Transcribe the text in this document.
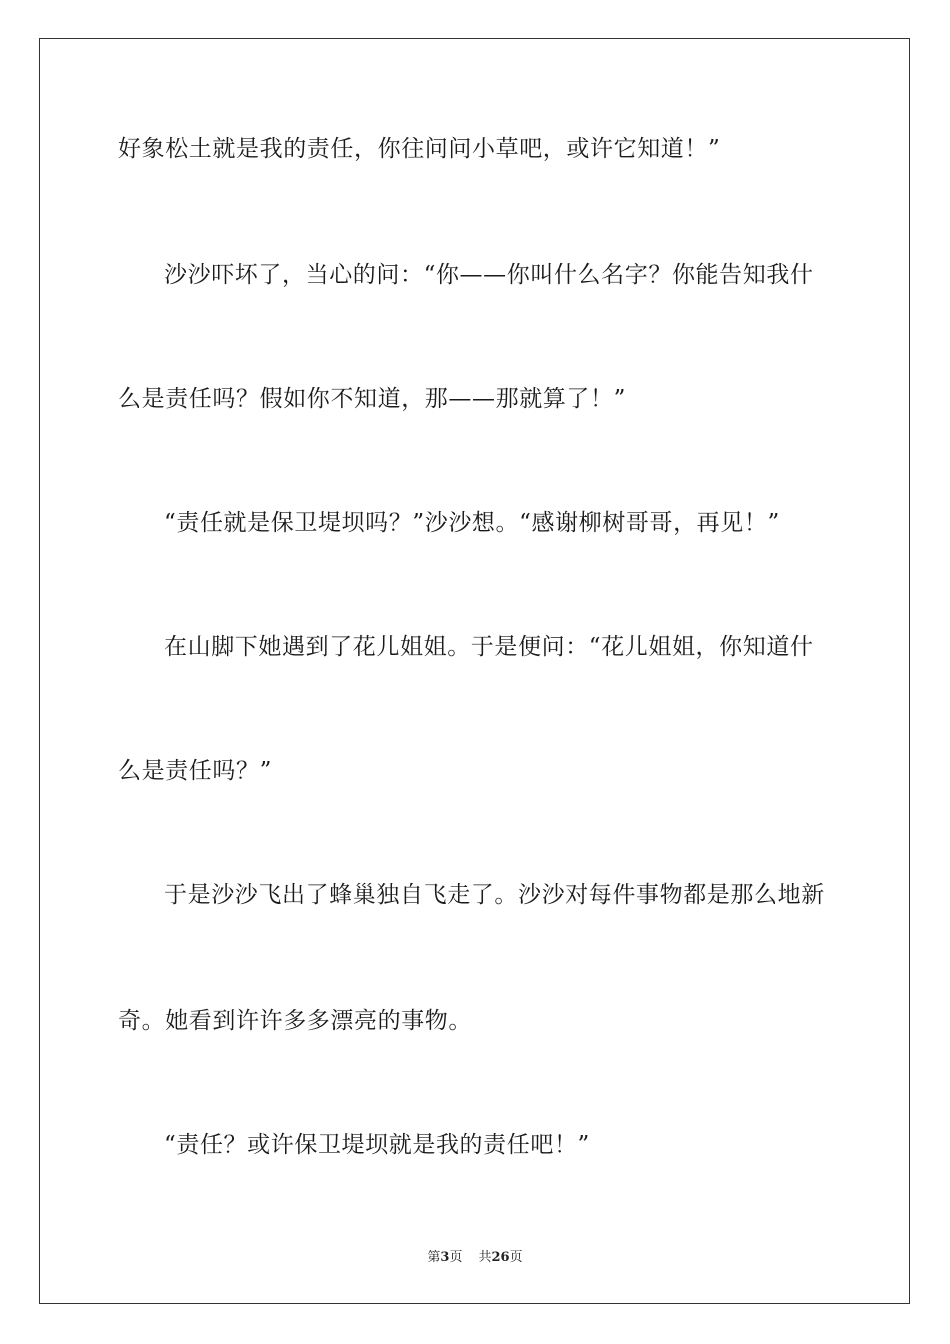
好象松土就是我的责任，你往问问小草吧，或许它知道！”
沙沙吓坏了，当心的问：“你——你叫什么名字？你能告知我什
么是责任吗？假如你不知道，那——那就算了！”
“责任就是保卫堤坝吗？”沙沙想。“感谢柳树哥哥，再见！”
在山脚下她遇到了花儿姐姐。于是便问：“花儿姐姐，你知道什
么是责任吗？”
于是沙沙飞出了蜂巢独自飞走了。沙沙对每件事物都是那么地新
奇。她看到许许多多漂亮的事物。
“责任？或许保卫堤坝就是我的责任吧！”
第3页 共26页
